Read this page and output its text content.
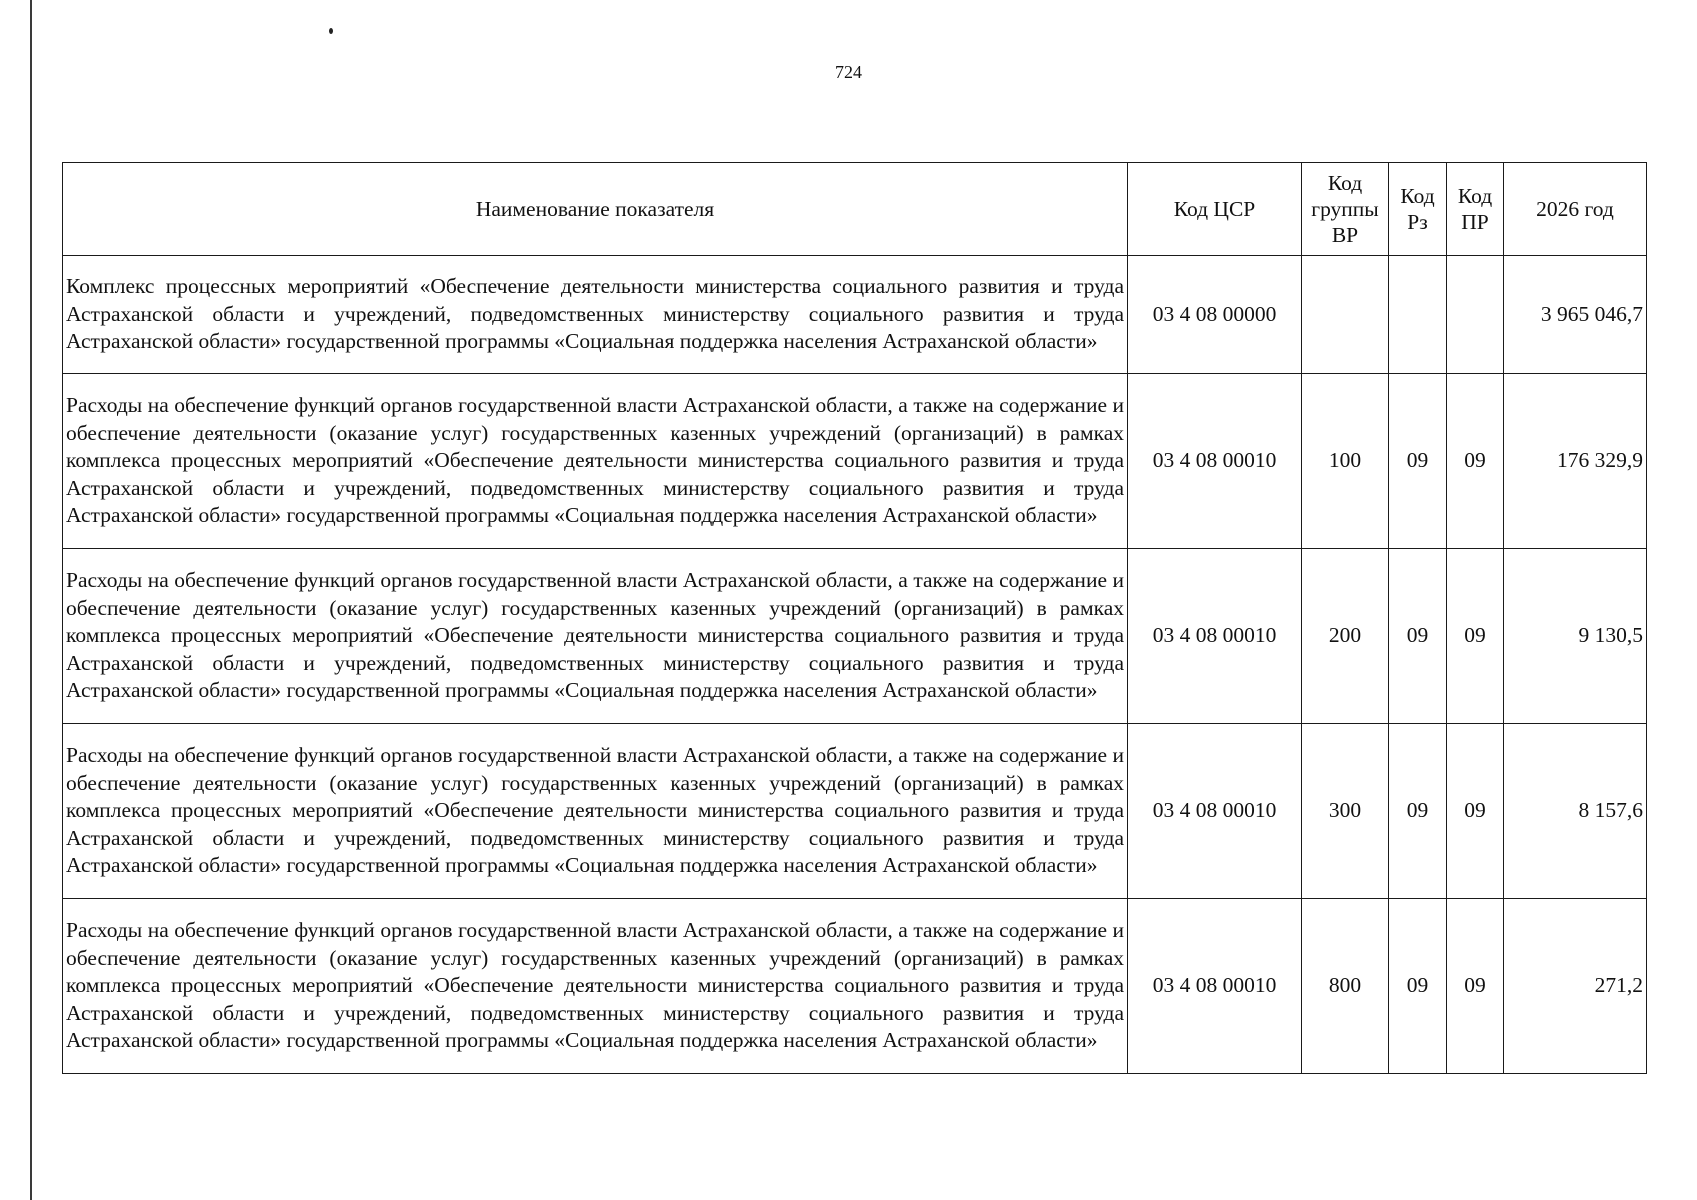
724
Наименование показателя	Код ЦСР	Код группы ВР	Код Рз	Код ПР	2026 год
Комплекс процессных мероприятий «Обеспечение деятельности министерства социального развития и труда Астраханской области и учреждений, подведомственных министерству социального развития и труда Астраханской области» государственной программы «Социальная поддержка населения Астраханской области»	03 4 08 00000				3 965 046,7
Расходы на обеспечение функций органов государственной власти Астраханской области, а также на содержание и обеспечение деятельности (оказание услуг) государственных казенных учреждений (организаций) в рамках комплекса процессных мероприятий «Обеспечение деятельности министерства социального развития и труда Астраханской области и учреждений, подведомственных министерству социального развития и труда Астраханской области» государственной программы «Социальная поддержка населения Астраханской области»	03 4 08 00010	100	09	09	176 329,9
Расходы на обеспечение функций органов государственной власти Астраханской области, а также на содержание и обеспечение деятельности (оказание услуг) государственных казенных учреждений (организаций) в рамках комплекса процессных мероприятий «Обеспечение деятельности министерства социального развития и труда Астраханской области и учреждений, подведомственных министерству социального развития и труда Астраханской области» государственной программы «Социальная поддержка населения Астраханской области»	03 4 08 00010	200	09	09	9 130,5
Расходы на обеспечение функций органов государственной власти Астраханской области, а также на содержание и обеспечение деятельности (оказание услуг) государственных казенных учреждений (организаций) в рамках комплекса процессных мероприятий «Обеспечение деятельности министерства социального развития и труда Астраханской области и учреждений, подведомственных министерству социального развития и труда Астраханской области» государственной программы «Социальная поддержка населения Астраханской области»	03 4 08 00010	300	09	09	8 157,6
Расходы на обеспечение функций органов государственной власти Астраханской области, а также на содержание и обеспечение деятельности (оказание услуг) государственных казенных учреждений (организаций) в рамках комплекса процессных мероприятий «Обеспечение деятельности министерства социального развития и труда Астраханской области и учреждений, подведомственных министерству социального развития и труда Астраханской области» государственной программы «Социальная поддержка населения Астраханской области»	03 4 08 00010	800	09	09	271,2
